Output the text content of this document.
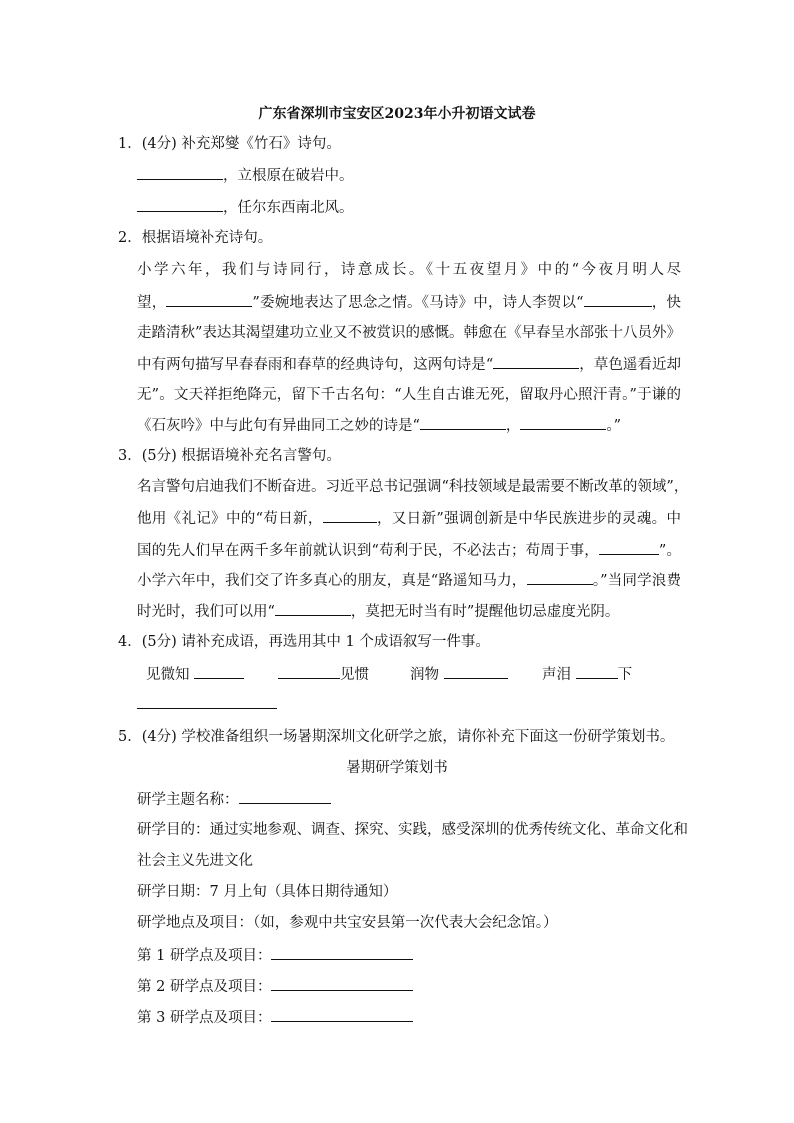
广东省深圳市宝安区2023年小升初语文试卷
1．(4分) 补充郑燮《竹石》诗句。
，立根原在破岩中。
，任尔东西南北风。
2．根据语境补充诗句。
小学六年，我们与诗同行，诗意成长。《十五夜望月》中的“今夜月明人尽
望，	”委婉地表达了思念之情。《马诗》中，诗人李贺以“	，快
走踏清秋”表达其渴望建功立业又不被赏识的感慨。韩愈在《早春呈水部张十八员外》
中有两句描写早春春雨和春草的经典诗句，这两句诗是“	，草色遥看近却
无”。文天祥拒绝降元，留下千古名句：“人生自古谁无死，留取丹心照汗青。”于谦的
《石灰吟》中与此句有异曲同工之妙的诗是“	，	。”
3．(5分) 根据语境补充名言警句。
名言警句启迪我们不断奋进。习近平总书记强调“科技领域是最需要不断改革的领域”，
他用《礼记》中的“苟日新，	，又日新”强调创新是中华民族进步的灵魂。中
国的先人们早在两千多年前就认识到“苟利于民，不必法古；苟周于事，	”。
小学六年中，我们交了许多真心的朋友，真是“路遥知马力，	。”当同学浪费
时光时，我们可以用“	，莫把无时当有时”提醒他切忌虚度光阴。
4．(5分) 请补充成语，再选用其中 1 个成语叙写一件事。
见微知	见惯	润物	声泪	下
5．(4分) 学校准备组织一场暑期深圳文化研学之旅，请你补充下面这一份研学策划书。
暑期研学策划书
研学主题名称：
研学目的：通过实地参观、调查、探究、实践，感受深圳的优秀传统文化、革命文化和
社会主义先进文化
研学日期：7 月上旬（具体日期待通知）
研学地点及项目：（如，参观中共宝安县第一次代表大会纪念馆。）
第 1 研学点及项目：
第 2 研学点及项目：
第 3 研学点及项目：
